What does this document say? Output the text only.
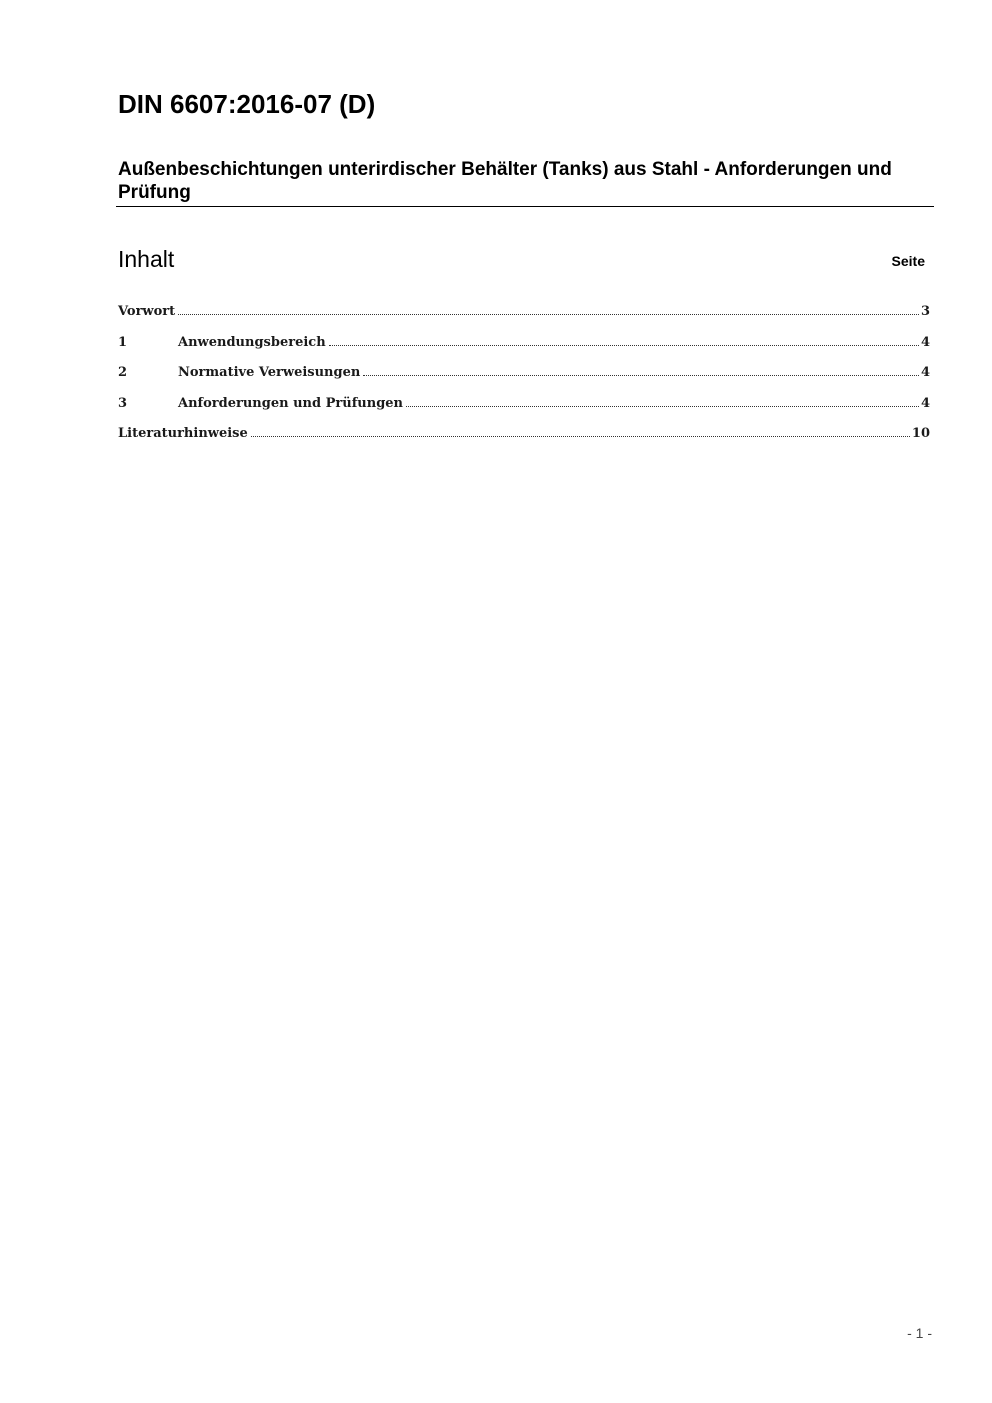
DIN 6607:2016-07 (D)
Außenbeschichtungen unterirdischer Behälter (Tanks) aus Stahl - Anforderungen und Prüfung
Inhalt	Seite
Vorwort	3
1	Anwendungsbereich	4
2	Normative Verweisungen	4
3	Anforderungen und Prüfungen	4
Literaturhinweise	10
- 1 -
